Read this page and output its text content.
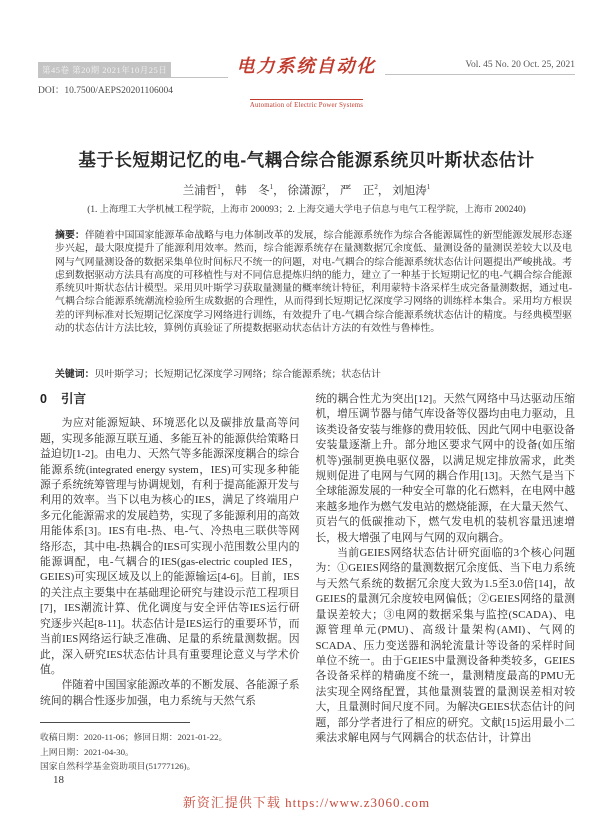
第45卷 第20期 2021年10月25日
DOI：10.7500/AEPS20201106004
电力系统自动化

Automation of Electric Power Systems
Vol. 45 No. 20 Oct. 25, 2021
基于长短期记忆的电-气耦合综合能源系统贝叶斯状态估计
兰浦哲$^1$， 韩　冬$^1$， 徐潇源$^2$， 严　正$^2$， 刘旭涛$^1$
(1. 上海理工大学机械工程学院，上海市 200093；2. 上海交通大学电子信息与电气工程学院，上海市 200240)
摘要：伴随着中国国家能源革命战略与电力体制改革的发展，综合能源系统作为综合各能源属性的新型能源发展形态逐步兴起，最大限度提升了能源利用效率。然而，综合能源系统存在量测数据冗余度低、量测设备的量测误差较大以及电网与气网量测设备的数据采集单位时间标尺不统一的问题，对电-气耦合的综合能源系统状态估计问题提出严峻挑战。考虑到数据驱动方法具有高度的可移植性与对不同信息提炼归纳的能力，建立了一种基于长短期记忆的电-气耦合综合能源系统贝叶斯状态估计模型。采用贝叶斯学习获取量测量的概率统计特征，利用蒙特卡洛采样生成完备量测数据，通过电-气耦合综合能源系统潮流检验所生成数据的合理性，从而得到长短期记忆深度学习网络的训练样本集合。采用均方根误差的评判标准对长短期记忆深度学习网络进行训练，有效提升了电-气耦合综合能源系统状态估计的精度。与经典模型驱动的状态估计方法比较，算例仿真验证了所提数据驱动状态估计方法的有效性与鲁棒性。
关键词：贝叶斯学习；长短期记忆深度学习网络；综合能源系统；状态估计
0 引言

为应对能源短缺、环境恶化以及碳排放量高等问题，实现多能源互联互通、多能互补的能源供给策略日益迫切[1-2]。由电力、天然气等多能源深度耦合的综合能源系统(integrated energy system，IES)可实现多种能源子系统统筹管理与协调规划，有利于提高能源开发与利用的效率。当下以电为核心的IES，满足了终端用户多元化能源需求的发展趋势，实现了多能源利用的高效用能体系[3]。IES有电-热、电-气、冷热电三联供等网络形态，其中电-热耦合的IES可实现小范围数公里内的能源调配，电-气耦合的IES(gas-electric coupled IES，GEIES)可实现区域及以上的能源输运[4-6]。目前，IES的关注点主要集中在基础理论研究与建设示范工程项目[7]，IES潮流计算、优化调度与安全评估等IES运行研究逐步兴起[8-11]。状态估计是IES运行的重要环节，而当前IES网络运行缺乏准确、足量的系统量测数据。因此，深入研究IES状态估计具有重要理论意义与学术价值。

伴随着中国国家能源改革的不断发展、各能源子系统间的耦合性逐步加强，电力系统与天然气系

收稿日期：2020-11-06；修回日期：2021-01-22。
上网日期：2021-04-30。
国家自然科学基金资助项目(51777126)。

统的耦合性尤为突出[12]。天然气网络中马达驱动压缩机，增压调节器与储气库设备等仪器均由电力驱动，且该类设备安装与维修的费用较低、因此气网中电驱设备安装量逐渐上升。部分地区要求气网中的设备(如压缩机等)强制更换电驱仪器，以满足规定排放需求，此类规则促进了电网与气网的耦合作用[13]。天然气是当下全球能源发展的一种安全可靠的化石燃料，在电网中越来越多地作为燃气发电站的燃烧能源，在大量天然气、页岩气的低碳推动下，燃气发电机的装机容量迅速增长，极大增强了电网与气网的双向耦合。

当前GEIES网络状态估计研究面临的3个核心问题为：①GEIES网络的量测数据冗余度低、当下电力系统与天然气系统的数据冗余度大致为1.5至3.0倍[14]，故GEIES的量测冗余度较电网偏低；②GEIES网络的量测量误差较大；③电网的数据采集与监控(SCADA)、电源管理单元(PMU)、高级计量架构(AMI)、气网的SCADA、压力变送器和涡轮流量计等设备的采样时间单位不统一。由于GEIES中量测设备种类较多，GEIES各设备采样的精确度不统一，量测精度最高的PMU无法实现全网络配置，其他量测装置的量测误差相对较大，且量测时间尺度不同。为解决GEIES状态估计的问题，部分学者进行了相应的研究。文献[15]运用最小二乘法求解电网与气网耦合的状态估计，计算出

18
新资汇提供下载 https://www.z3060.com
